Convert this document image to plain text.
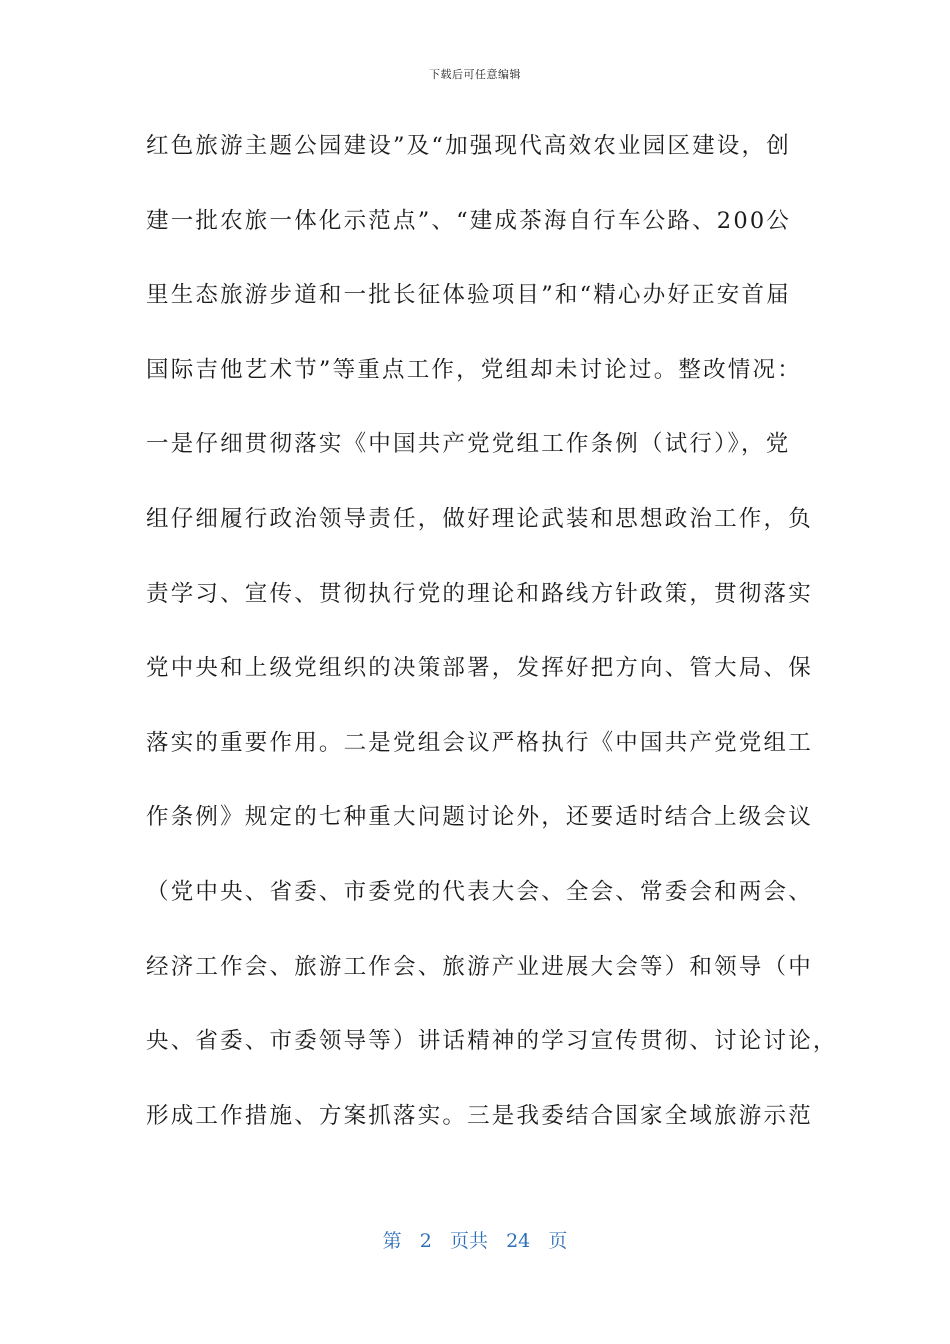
下载后可任意编辑
红色旅游主题公园建设”及“加强现代高效农业园区建设，创
建一批农旅一体化示范点”、“建成茶海自行车公路、200公
里生态旅游步道和一批长征体验项目”和“精心办好正安首届
国际吉他艺术节”等重点工作，党组却未讨论过。整改情况：
一是仔细贯彻落实《中国共产党党组工作条例（试行）》，党
组仔细履行政治领导责任，做好理论武装和思想政治工作，负
责学习、宣传、贯彻执行党的理论和路线方针政策，贯彻落实
党中央和上级党组织的决策部署，发挥好把方向、管大局、保
落实的重要作用。二是党组会议严格执行《中国共产党党组工
作条例》规定的七种重大问题讨论外，还要适时结合上级会议
（党中央、省委、市委党的代表大会、全会、常委会和两会、
经济工作会、旅游工作会、旅游产业进展大会等）和领导（中
央、省委、市委领导等）讲话精神的学习宣传贯彻、讨论讨论，
形成工作措施、方案抓落实。三是我委结合国家全域旅游示范
第 2 页共 24 页
